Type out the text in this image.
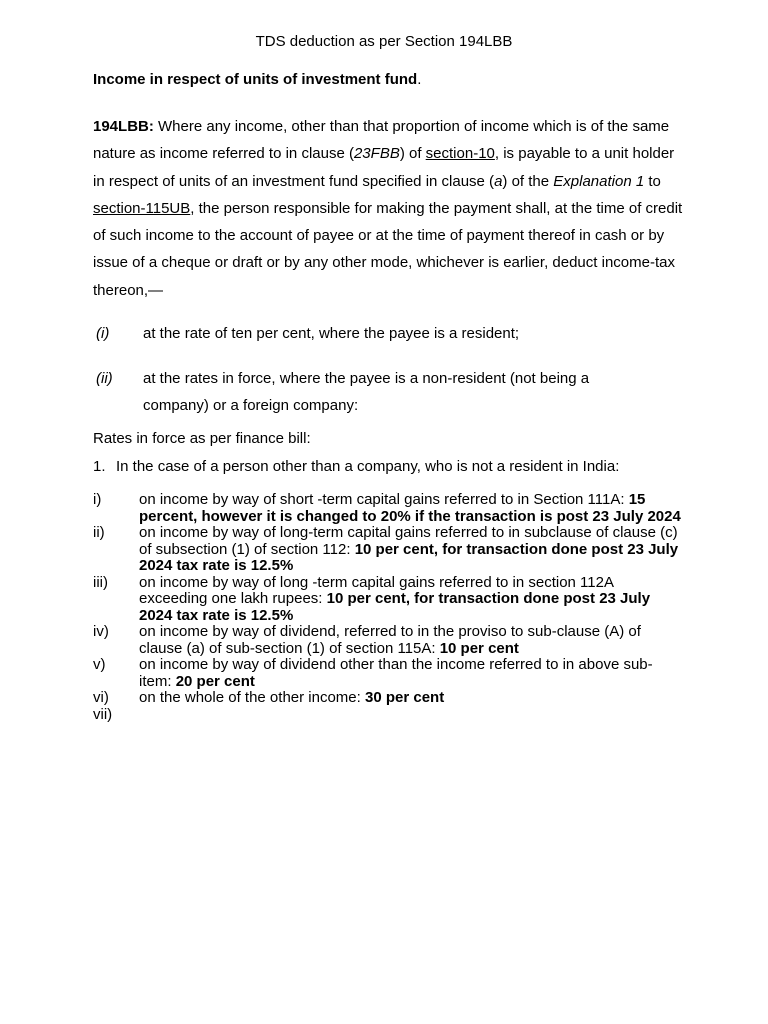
TDS deduction as per Section 194LBB
Income in respect of units of investment fund.
194LBB: Where any income, other than that proportion of income which is of the same nature as income referred to in clause (23FBB) of section-10, is payable to a unit holder in respect of units of an investment fund specified in clause (a) of the Explanation 1 to section-115UB, the person responsible for making the payment shall, at the time of credit of such income to the account of payee or at the time of payment thereof in cash or by issue of a cheque or draft or by any other mode, whichever is earlier, deduct income-tax thereon,—
(i) at the rate of ten per cent, where the payee is a resident;
(ii) at the rates in force, where the payee is a non-resident (not being a company) or a foreign company:
Rates in force as per finance bill:
1. In the case of a person other than a company, who is not a resident in India:
i)	on income by way of short -term capital gains referred to in Section 111A: 15 percent, however it is changed to 20% if the transaction is post 23 July 2024
ii) on income by way of long-term capital gains referred to in subclause of clause (c) of subsection (1) of section 112: 10 per cent, for transaction done post 23 July 2024 tax rate is 12.5%
iii) on income by way of long -term capital gains referred to in section 112A exceeding one lakh rupees: 10 per cent, for transaction done post 23 July 2024 tax rate is 12.5%
iv) on income by way of dividend, referred to in the proviso to sub-clause (A) of clause (a) of sub-section (1) of section 115A: 10 per cent
v) on income by way of dividend other than the income referred to in above sub-item: 20 per cent
vi) on the whole of the other income: 30 per cent
vii)
